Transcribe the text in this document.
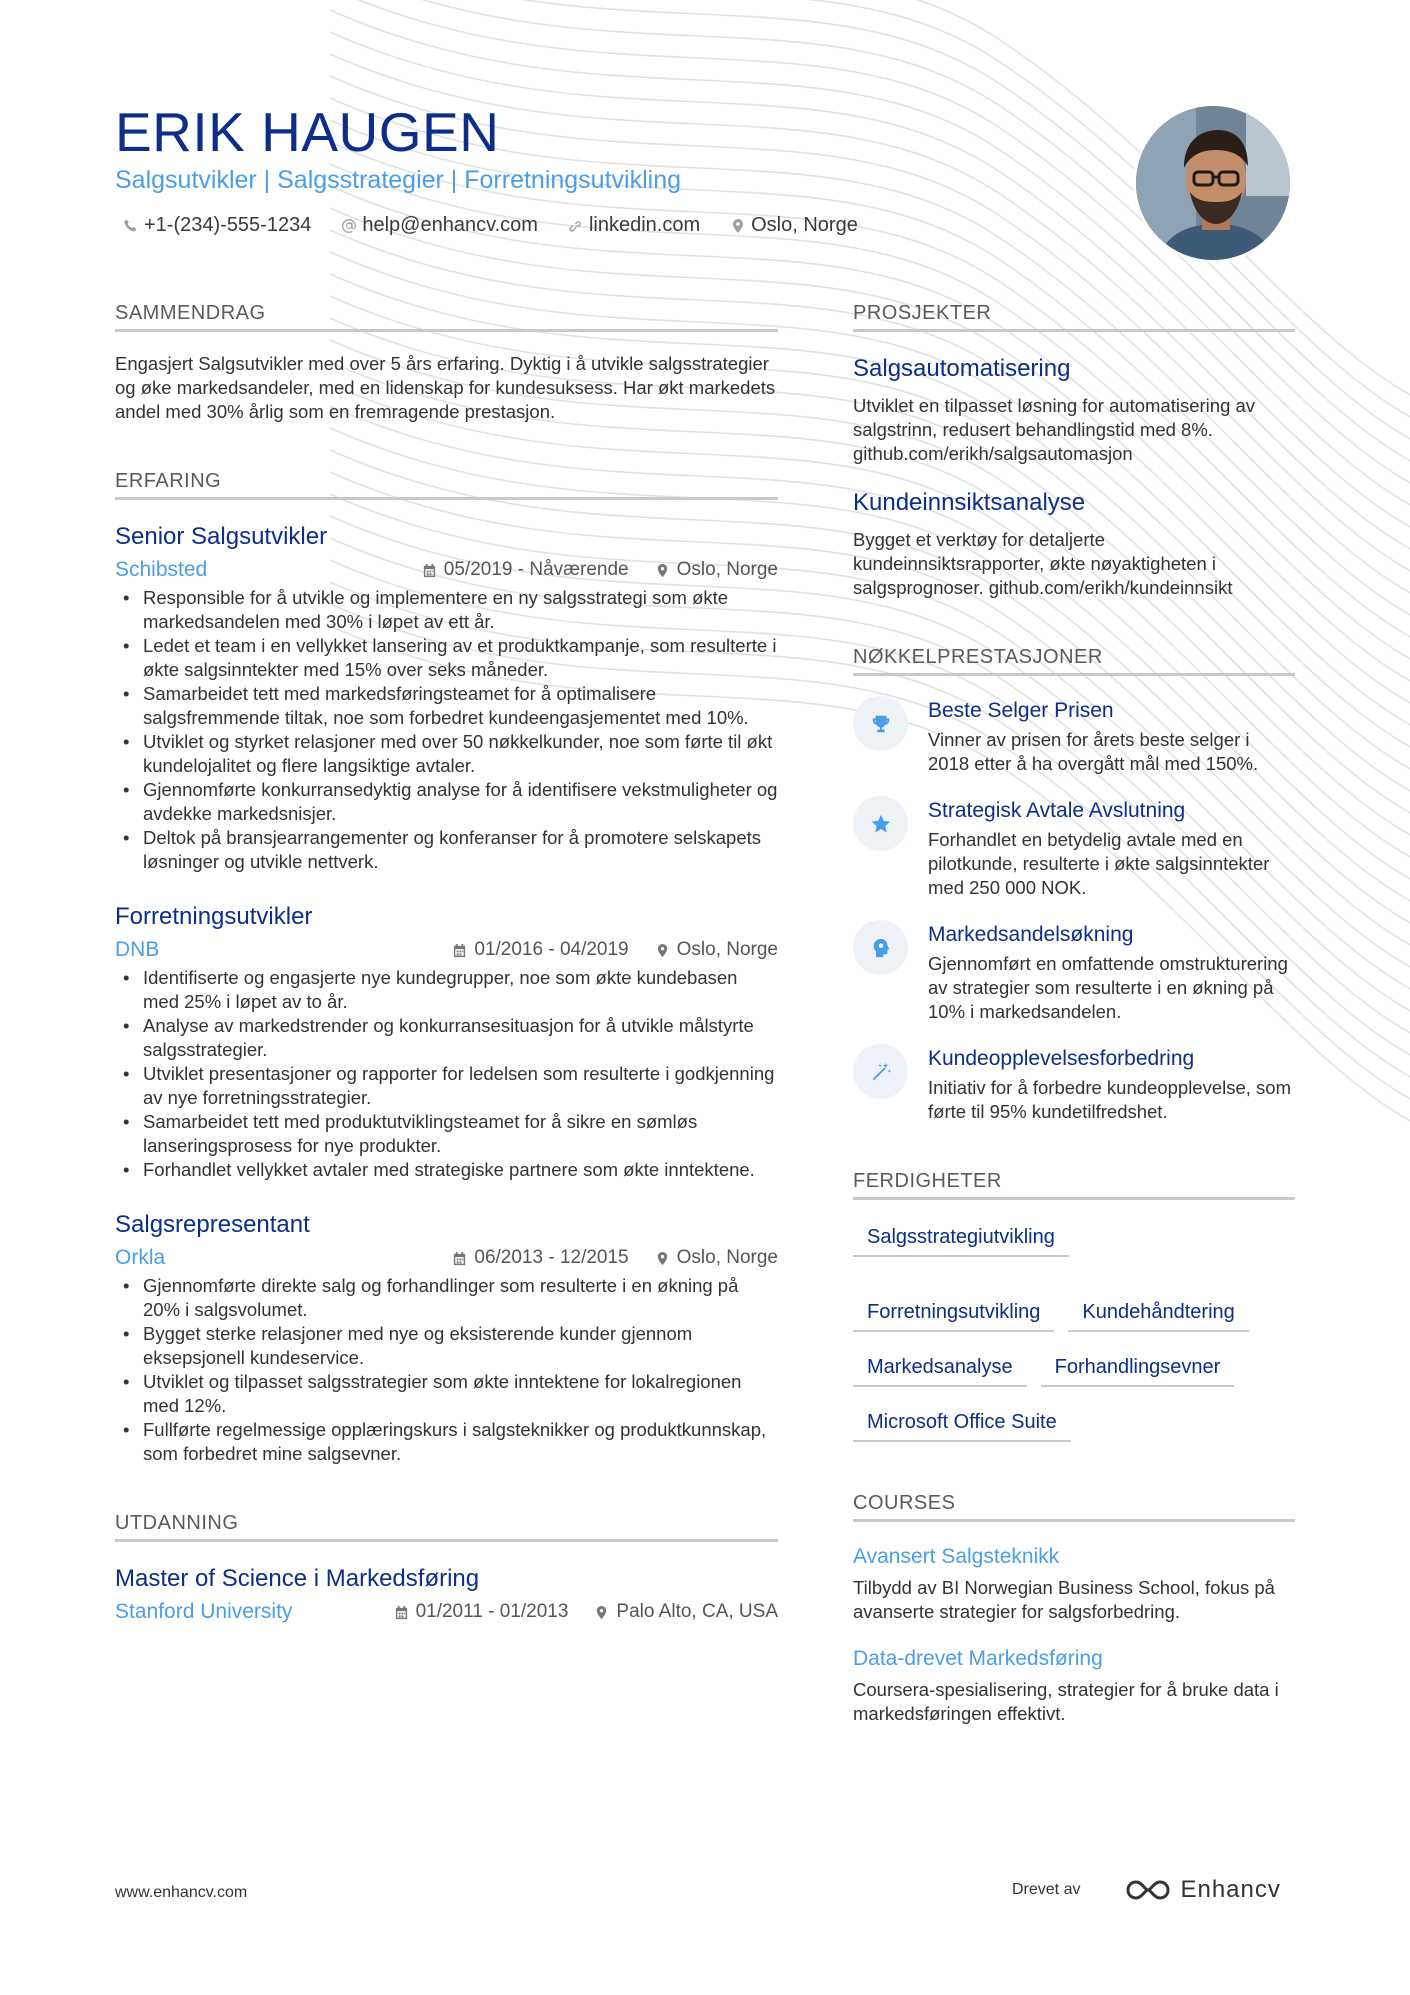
ERIK HAUGEN
Salgsutvikler | Salgsstrategier | Forretningsutvikling
+1-(234)-555-1234	help@enhancv.com	linkedin.com	Oslo, Norge
SAMMENDRAG
Engasjert Salgsutvikler med over 5 års erfaring. Dyktig i å utvikle salgsstrategier og øke markedsandeler, med en lidenskap for kundesuksess. Har økt markedets andel med 30% årlig som en fremragende prestasjon.
ERFARING
Senior Salgsutvikler
Schibsted	05/2019 - Nåværende	Oslo, Norge
• Responsible for å utvikle og implementere en ny salgsstrategi som økte markedsandelen med 30% i løpet av ett år.
• Ledet et team i en vellykket lansering av et produktkampanje, som resulterte i økte salgsinntekter med 15% over seks måneder.
• Samarbeidet tett med markedsføringsteamet for å optimalisere salgsfremmende tiltak, noe som forbedret kundeengasjementet med 10%.
• Utviklet og styrket relasjoner med over 50 nøkkelkunder, noe som førte til økt kundelojalitet og flere langsiktige avtaler.
• Gjennomførte konkurransedyktig analyse for å identifisere vekstmuligheter og avdekke markedsnisjer.
• Deltok på bransjearrangementer og konferanser for å promotere selskapets løsninger og utvikle nettverk.
Forretningsutvikler
DNB	01/2016 - 04/2019	Oslo, Norge
• Identifiserte og engasjerte nye kundegrupper, noe som økte kundebasen med 25% i løpet av to år.
• Analyse av markedstrender og konkurransesituasjon for å utvikle målstyrte salgsstrategier.
• Utviklet presentasjoner og rapporter for ledelsen som resulterte i godkjenning av nye forretningsstrategier.
• Samarbeidet tett med produktutviklingsteamet for å sikre en sømløs lanseringsprosess for nye produkter.
• Forhandlet vellykket avtaler med strategiske partnere som økte inntektene.
Salgsrepresentant
Orkla	06/2013 - 12/2015	Oslo, Norge
• Gjennomførte direkte salg og forhandlinger som resulterte i en økning på 20% i salgsvolumet.
• Bygget sterke relasjoner med nye og eksisterende kunder gjennom eksepsjonell kundeservice.
• Utviklet og tilpasset salgsstrategier som økte inntektene for lokalregionen med 12%.
• Fullførte regelmessige opplæringskurs i salgsteknikker og produktkunnskap, som forbedret mine salgsevner.
UTDANNING
Master of Science i Markedsføring
Stanford University	01/2011 - 01/2013	Palo Alto, CA, USA
PROSJEKTER
Salgsautomatisering
Utviklet en tilpasset løsning for automatisering av salgstrinn, redusert behandlingstid med 8%. github.com/erikh/salgsautomasjon
Kundeinnsiktsanalyse
Bygget et verktøy for detaljerte kundeinnsiktsrapporter, økte nøyaktigheten i salgsprognoser. github.com/erikh/kundeinnsikt
NØKKELPRESTASJONER
Beste Selger Prisen
Vinner av prisen for årets beste selger i 2018 etter å ha overgått mål med 150%.
Strategisk Avtale Avslutning
Forhandlet en betydelig avtale med en pilotkunde, resulterte i økte salgsinntekter med 250 000 NOK.
Markedsandelsøkning
Gjennomført en omfattende omstrukturering av strategier som resulterte i en økning på 10% i markedsandelen.
Kundeopplevelsesforbedring
Initiativ for å forbedre kundeopplevelse, som førte til 95% kundetilfredshet.
FERDIGHETER
Salgsstrategiutvikling
Forretningsutvikling	Kundehåndtering
Markedsanalyse	Forhandlingsevner
Microsoft Office Suite
COURSES
Avansert Salgsteknikk
Tilbydd av BI Norwegian Business School, fokus på avanserte strategier for salgsforbedring.
Data-drevet Markedsføring
Coursera-spesialisering, strategier for å bruke data i markedsføringen effektivt.
www.enhancv.com	Drevet av	Enhancv
